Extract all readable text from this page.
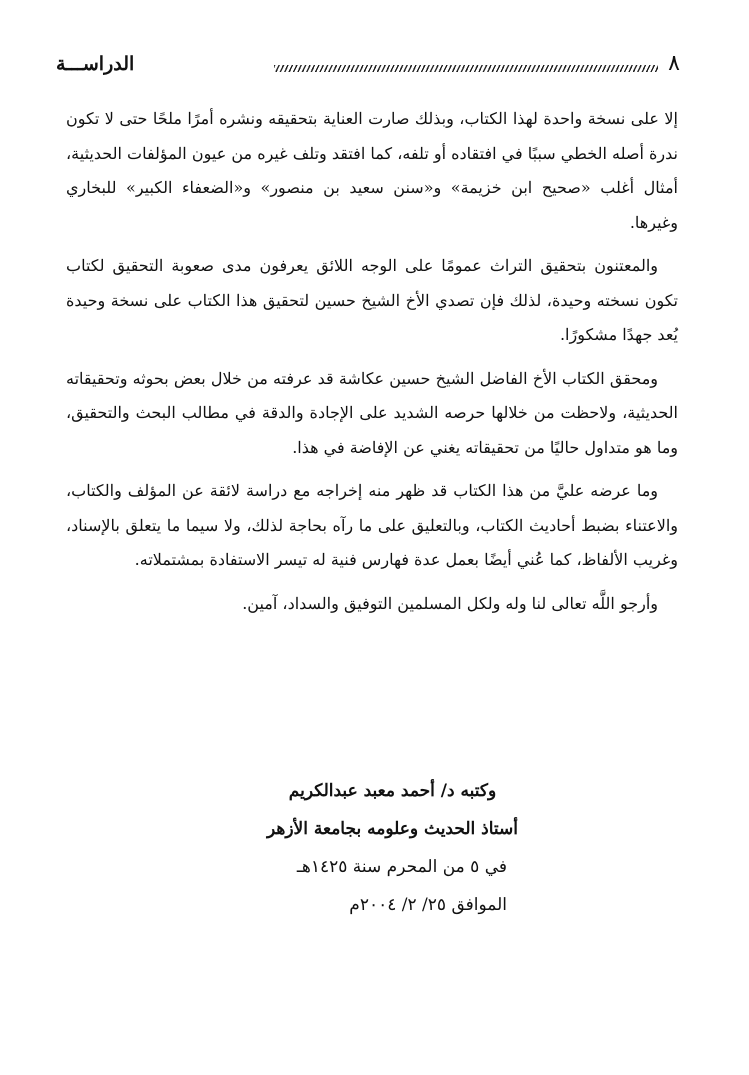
الدراســـة	٨

إلا على نسخة واحدة لهذا الكتاب، وبذلك صارت العناية بتحقيقه ونشره أمرًا ملحًا حتى لا تكون ندرة أصله الخطي سببًا في افتقاده أو تلفه، كما افتقد وتلف غيره من عيون المؤلفات الحديثية، أمثال أغلب «صحيح ابن خزيمة» و«سنن سعيد بن منصور» و«الضعفاء الكبير» للبخاري وغيرها.

والمعتنون بتحقيق التراث عمومًا على الوجه اللائق يعرفون مدى صعوبة التحقيق لكتاب تكون نسخته وحيدة، لذلك فإن تصدي الأخ الشيخ حسين لتحقيق هذا الكتاب على نسخة وحيدة يُعد جهدًا مشكورًا.

ومحقق الكتاب الأخ الفاضل الشيخ حسين عكاشة قد عرفته من خلال بعض بحوثه وتحقيقاته الحديثية، ولاحظت من خلالها حرصه الشديد على الإجادة والدقة في مطالب البحث والتحقيق، وما هو متداول حاليًا من تحقيقاته يغني عن الإفاضة في هذا.

وما عرضه عليَّ من هذا الكتاب قد ظهر منه إخراجه مع دراسة لائقة عن المؤلف والكتاب، والاعتناء بضبط أحاديث الكتاب، وبالتعليق على ما رآه بحاجة لذلك، ولا سيما ما يتعلق بالإسناد، وغريب الألفاظ، كما عُني أيضًا بعمل عدة فهارس فنية له تيسر الاستفادة بمشتملاته.

وأرجو اللَّه تعالى لنا وله ولكل المسلمين التوفيق والسداد، آمين.

وكتبه د/ أحمد معبد عبدالكريم
أستاذ الحديث وعلومه بجامعة الأزهر
في ٥ من المحرم سنة ١٤٢٥هـ
الموافق ٢٥/ ٢/ ٢٠٠٤م
